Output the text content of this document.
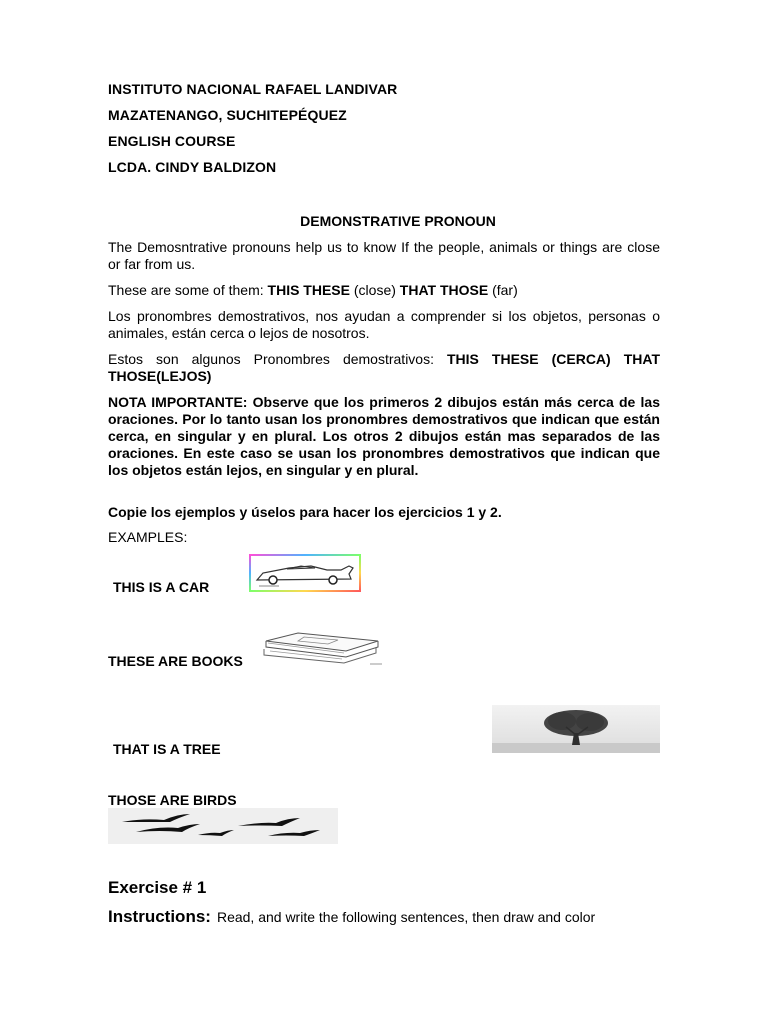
INSTITUTO NACIONAL RAFAEL LANDIVAR
MAZATENANGO, SUCHITEPÉQUEZ
ENGLISH COURSE
LCDA. CINDY BALDIZON
DEMONSTRATIVE PRONOUN
The Demosntrative pronouns help us to know If the people, animals or things are close or far from us.
These are some of them: THIS THESE (close) THAT THOSE (far)
Los pronombres demostrativos, nos ayudan a comprender si los objetos, personas o animales, están cerca o lejos de nosotros.
Estos son algunos Pronombres demostrativos: THIS THESE (CERCA) THAT THOSE(LEJOS)
NOTA IMPORTANTE: Observe que los primeros 2 dibujos están más cerca de las oraciones. Por lo tanto usan los pronombres demostrativos que indican que están cerca, en singular y en plural. Los otros 2 dibujos están mas separados de las oraciones. En este caso se usan los pronombres demostrativos que indican que los objetos están lejos, en singular y en plural.
Copie los ejemplos y úselos para hacer los ejercicios 1 y 2.
EXAMPLES:
THIS IS A CAR
THESE ARE BOOKS
THAT IS A TREE
THOSE ARE BIRDS
Exercise # 1
Instructions: Read, and write the following sentences, then draw and color
